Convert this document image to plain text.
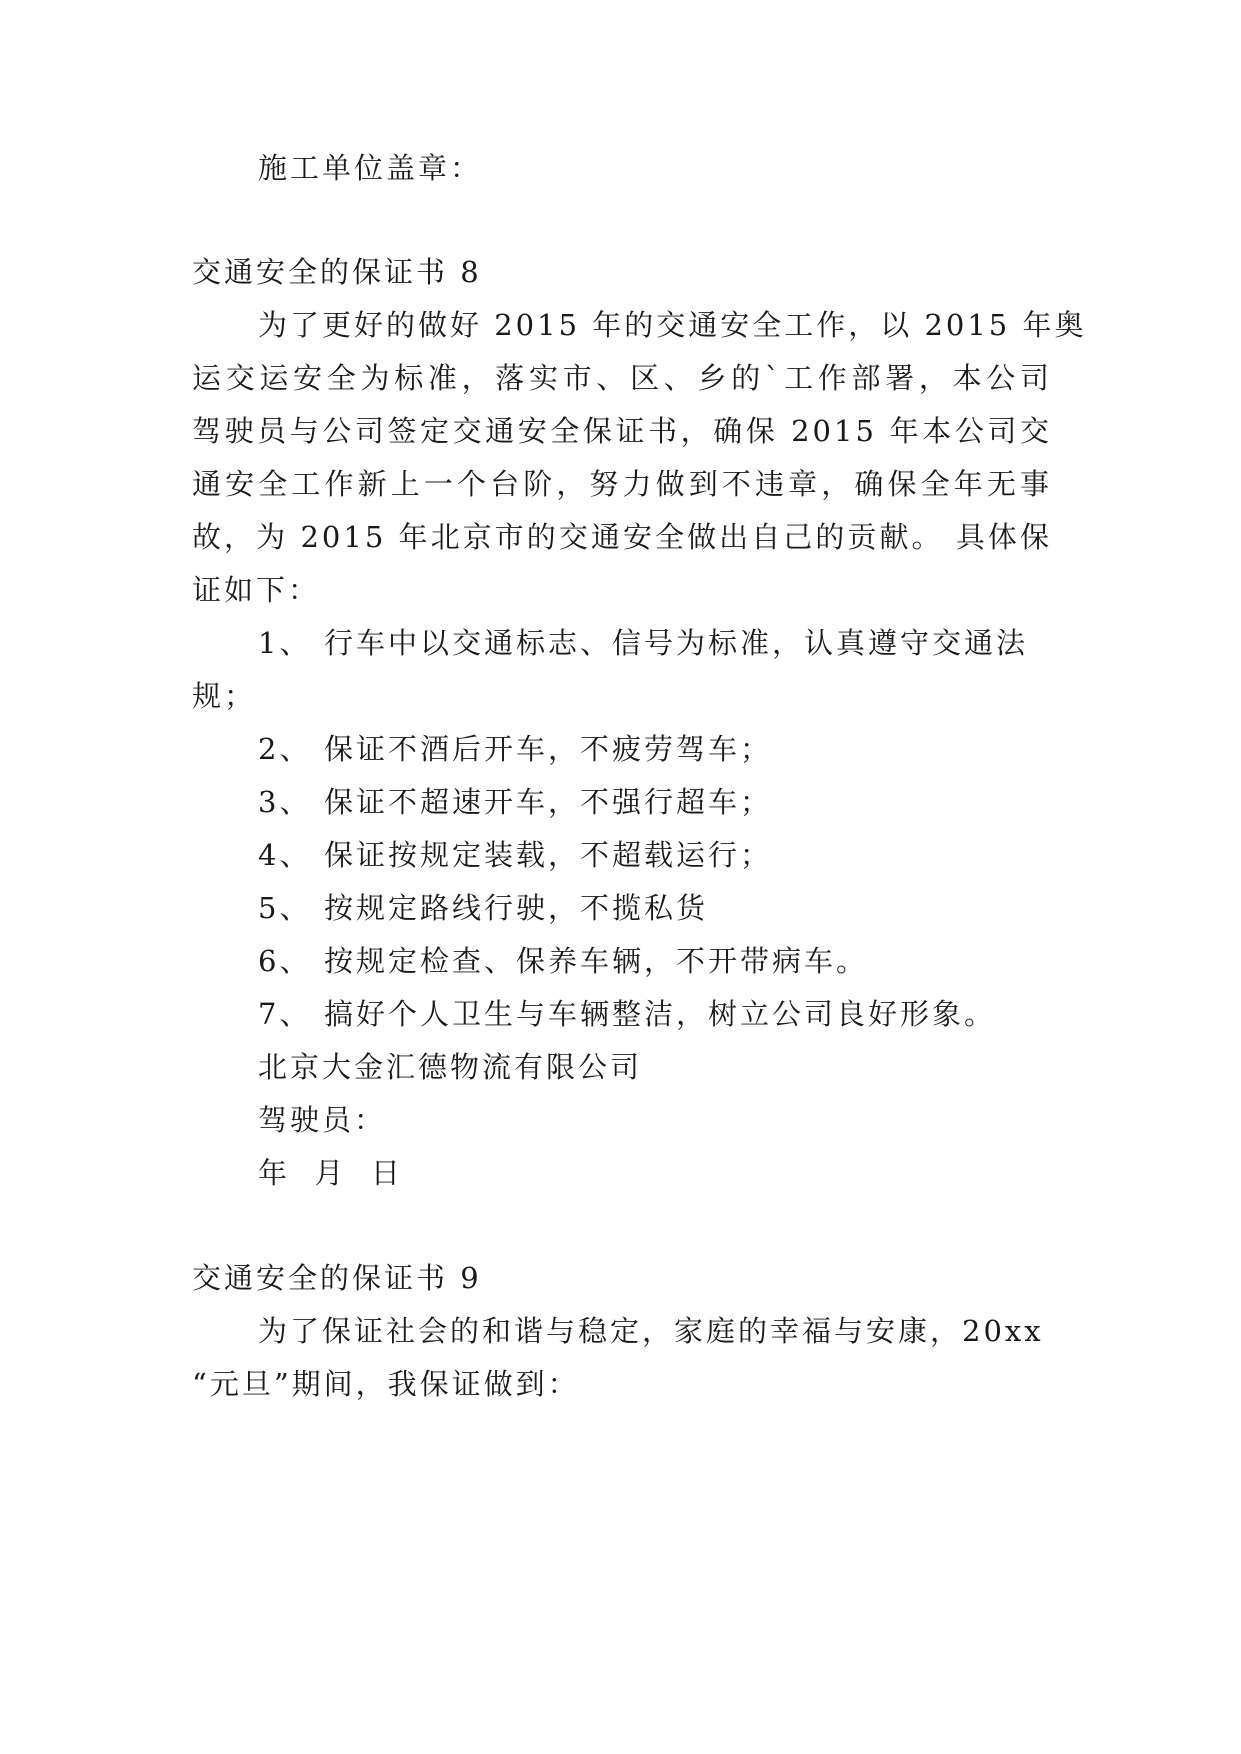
施工单位盖章：
交通安全的保证书 8
为了更好的做好 2015 年的交通安全工作，以 2015 年奥
运交运安全为标准，落实市、区、乡的`工作部署，本公司
驾驶员与公司签定交通安全保证书，确保 2015 年本公司交
通安全工作新上一个台阶，努力做到不违章，确保全年无事
故，为 2015 年北京市的交通安全做出自己的贡献。 具体保
证如下：
1、 行车中以交通标志、信号为标准，认真遵守交通法
规；
2、 保证不酒后开车，不疲劳驾车；
3、 保证不超速开车，不强行超车；
4、 保证按规定装载，不超载运行；
5、 按规定路线行驶，不揽私货
6、 按规定检查、保养车辆，不开带病车。
7、 搞好个人卫生与车辆整洁，树立公司良好形象。
北京大金汇德物流有限公司
驾驶员：
年  月  日
交通安全的保证书 9
为了保证社会的和谐与稳定，家庭的幸福与安康，20xx
“元旦”期间，我保证做到：
